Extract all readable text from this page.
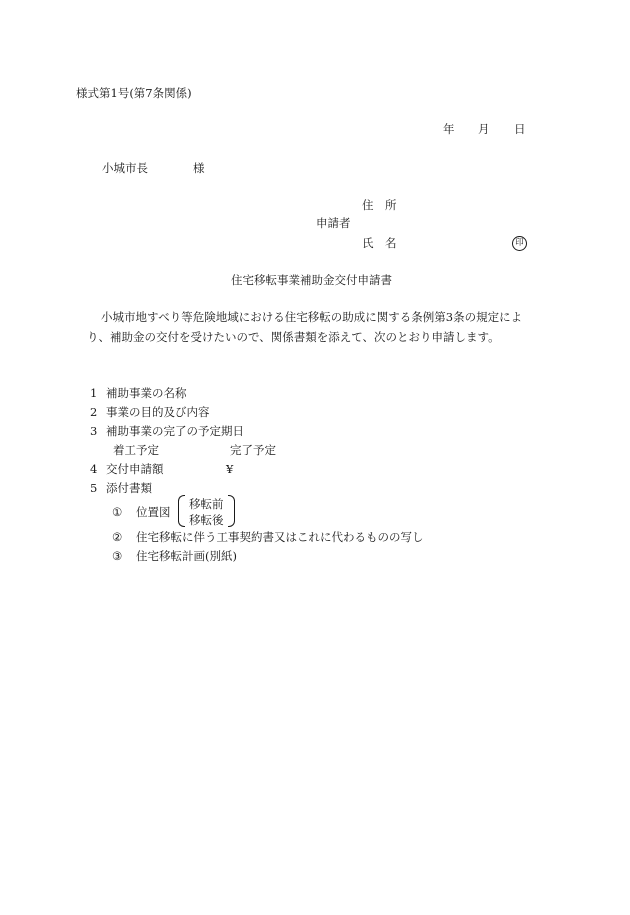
様式第1号(第7条関係)
年 月 日
小城市長	様
住　所
申請者
氏　名	印
住宅移転事業補助金交付申請書
小城市地すべり等危険地域における住宅移転の助成に関する条例第3条の規定によ
り、補助金の交付を受けたいので、関係書類を添えて、次のとおり申請します。
1 補助事業の名称
2 事業の目的及び内容
3 補助事業の完了の予定期日
着工予定	完了予定
4 交付申請額	¥
5 添付書類
① 位置図
移転前
移転後
② 住宅移転に伴う工事契約書又はこれに代わるものの写し
③ 住宅移転計画(別紙)
